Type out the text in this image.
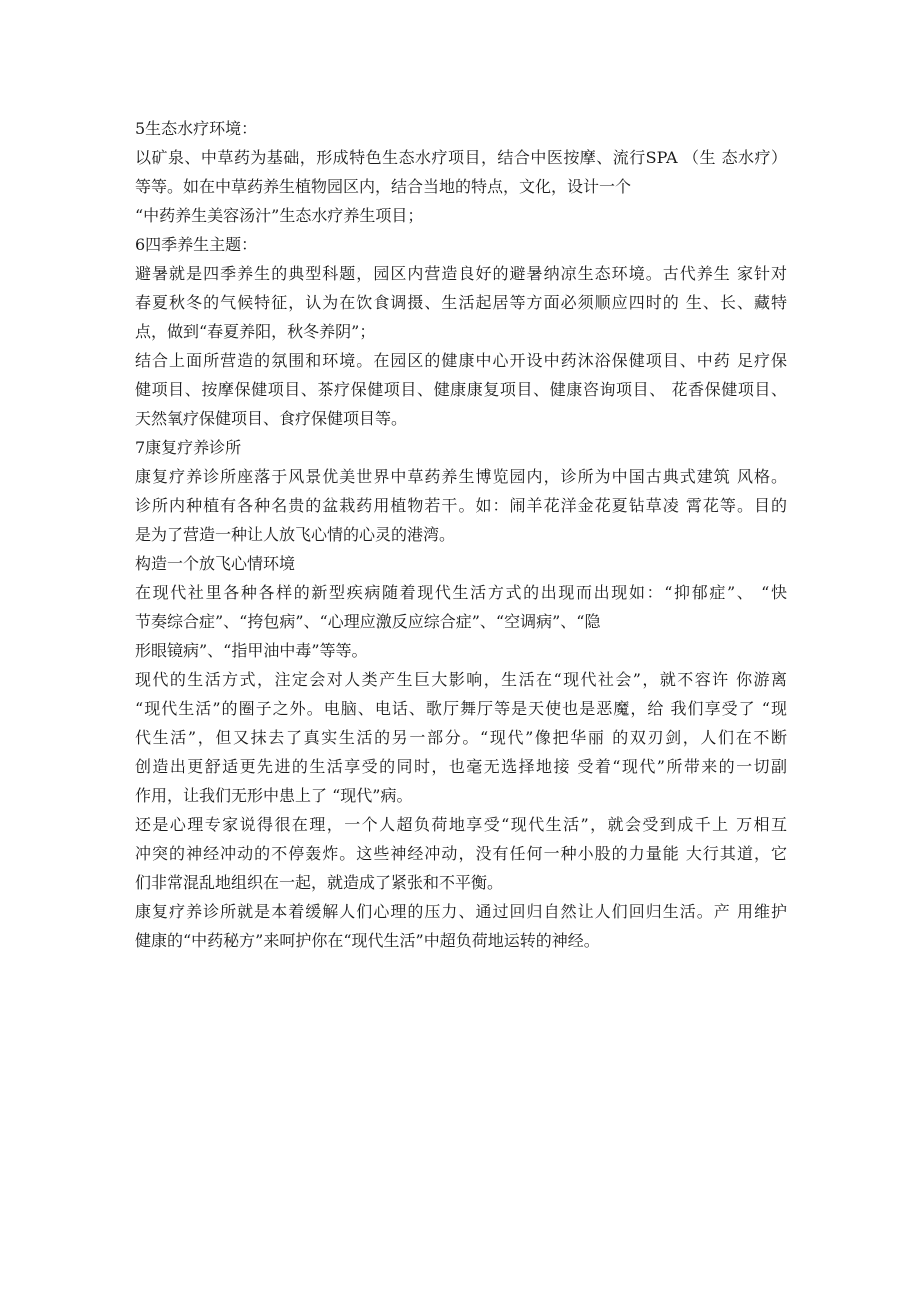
5生态水疗环境：
以矿泉、中草药为基础，形成特色生态水疗项目，结合中医按摩、流行SPA （生 态水疗）
等等。如在中草药养生植物园区内，结合当地的特点，文化，设计一个
“中药养生美容汤汁”生态水疗养生项目；
6四季养生主题：
避暑就是四季养生的典型科题，园区内营造良好的避暑纳凉生态环境。古代养生 家针对
春夏秋冬的气候特征，认为在饮食调摄、生活起居等方面必须顺应四时的 生、长、藏特
点，做到“春夏养阳，秋冬养阴”；
结合上面所营造的氛围和环境。在园区的健康中心开设中药沐浴保健项目、中药 足疗保
健项目、按摩保健项目、茶疗保健项目、健康康复项目、健康咨询项目、 花香保健项目、
天然氧疗保健项目、食疗保健项目等。
7康复疗养诊所
康复疗养诊所座落于风景优美世界中草药养生博览园内，诊所为中国古典式建筑 风格。
诊所内种植有各种名贵的盆栽药用植物若干。如：闹羊花洋金花夏钻草凌 霄花等。目的
是为了营造一种让人放飞心情的心灵的港湾。
构造一个放飞心情环境
在现代社里各种各样的新型疾病随着现代生活方式的出现而出现如：“抑郁症”、 “快
节奏综合症”、“挎包病”、“心理应激反应综合症”、“空调病”、“隐
形眼镜病”、“指甲油中毒”等等。
现代的生活方式，注定会对人类产生巨大影响，生活在“现代社会”，就不容许 你游离
“现代生活”的圈子之外。电脑、电话、歌厅舞厅等是天使也是恶魔，给 我们享受了 “现
代生活”，但又抹去了真实生活的另一部分。“现代”像把华丽 的双刃剑，人们在不断
创造出更舒适更先进的生活享受的同时，也毫无选择地接 受着“现代”所带来的一切副
作用，让我们无形中患上了 “现代”病。
还是心理专家说得很在理，一个人超负荷地享受“现代生活”，就会受到成千上 万相互
冲突的神经冲动的不停轰炸。这些神经冲动，没有任何一种小股的力量能 大行其道，它
们非常混乱地组织在一起，就造成了紧张和不平衡。
康复疗养诊所就是本着缓解人们心理的压力、通过回归自然让人们回归生活。产 用维护
健康的“中药秘方”来呵护你在“现代生活”中超负荷地运转的神经。
